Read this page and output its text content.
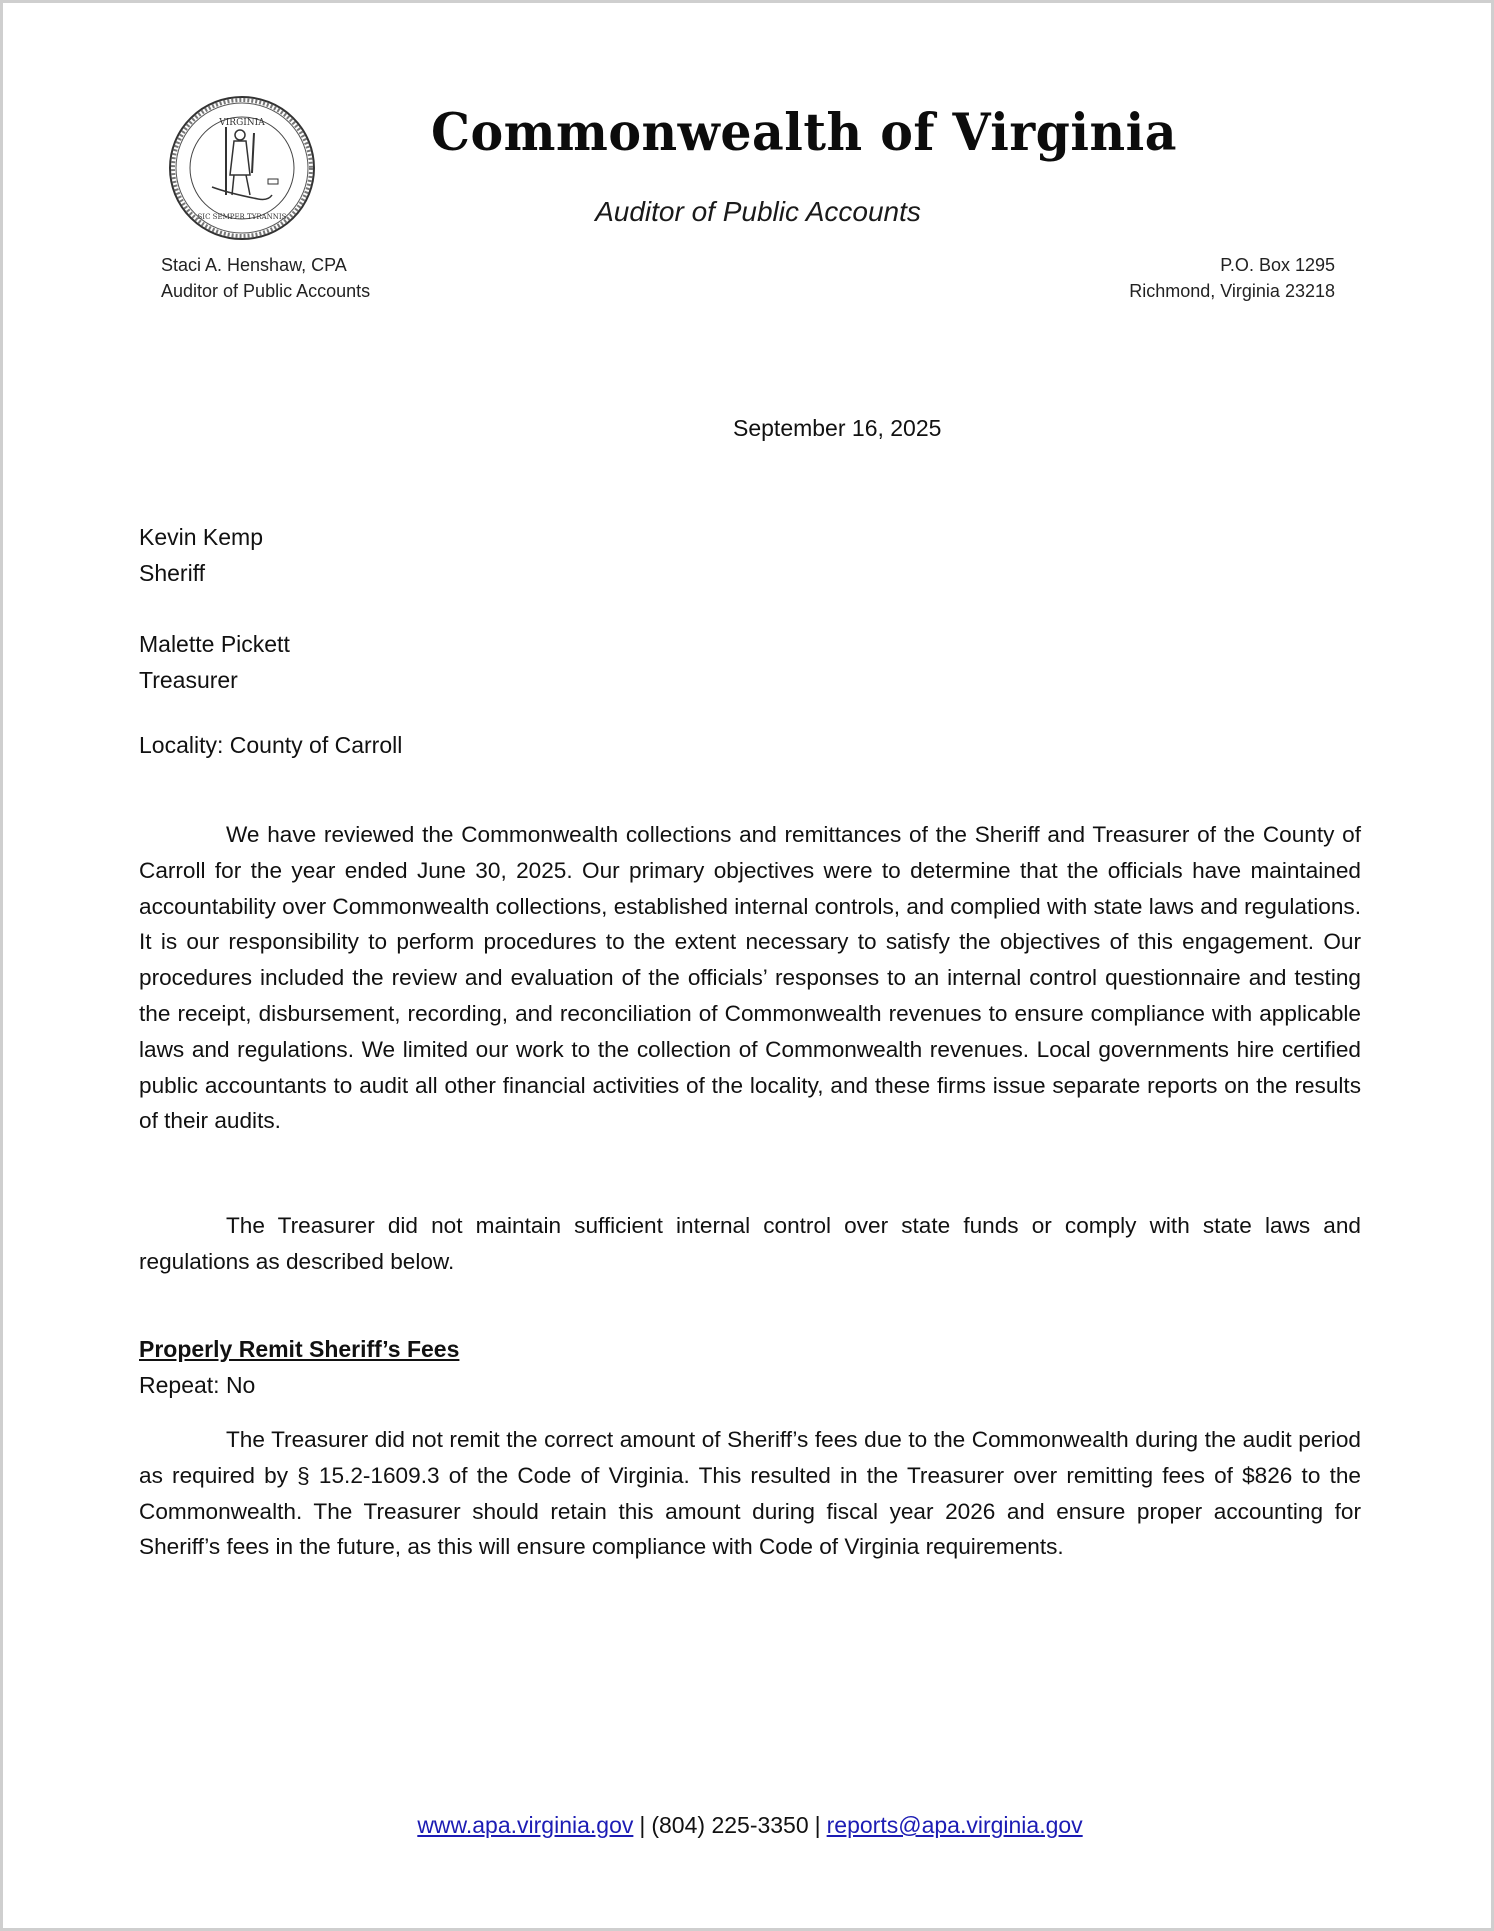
VIRGINIA
SIC SEMPER TYRANNIS
Commonwealth of Virginia
Auditor of Public Accounts
Staci A. Henshaw, CPA
Auditor of Public Accounts
P.O. Box 1295
Richmond, Virginia 23218
September 16, 2025
Kevin Kemp
Sheriff
Malette Pickett
Treasurer
Locality: County of Carroll

We have reviewed the Commonwealth collections and remittances of the Sheriff and Treasurer of the County of Carroll for the year ended June 30, 2025. Our primary objectives were to determine that the officials have maintained accountability over Commonwealth collections, established internal controls, and complied with state laws and regulations. It is our responsibility to perform procedures to the extent necessary to satisfy the objectives of this engagement. Our procedures included the review and evaluation of the officials’ responses to an internal control questionnaire and testing the receipt, disbursement, recording, and reconciliation of Commonwealth revenues to ensure compliance with applicable laws and regulations. We limited our work to the collection of Commonwealth revenues. Local governments hire certified public accountants to audit all other financial activities of the locality, and these firms issue separate reports on the results of their audits.

The Treasurer did not maintain sufficient internal control over state funds or comply with state laws and regulations as described below.

Properly Remit Sheriff’s Fees
Repeat: No

The Treasurer did not remit the correct amount of Sheriff’s fees due to the Commonwealth during the audit period as required by § 15.2-1609.3 of the Code of Virginia. This resulted in the Treasurer over remitting fees of $826 to the Commonwealth. The Treasurer should retain this amount during fiscal year 2026 and ensure proper accounting for Sheriff’s fees in the future, as this will ensure compliance with Code of Virginia requirements.

www.apa.virginia.gov | (804) 225-3350 | reports@apa.virginia.gov
